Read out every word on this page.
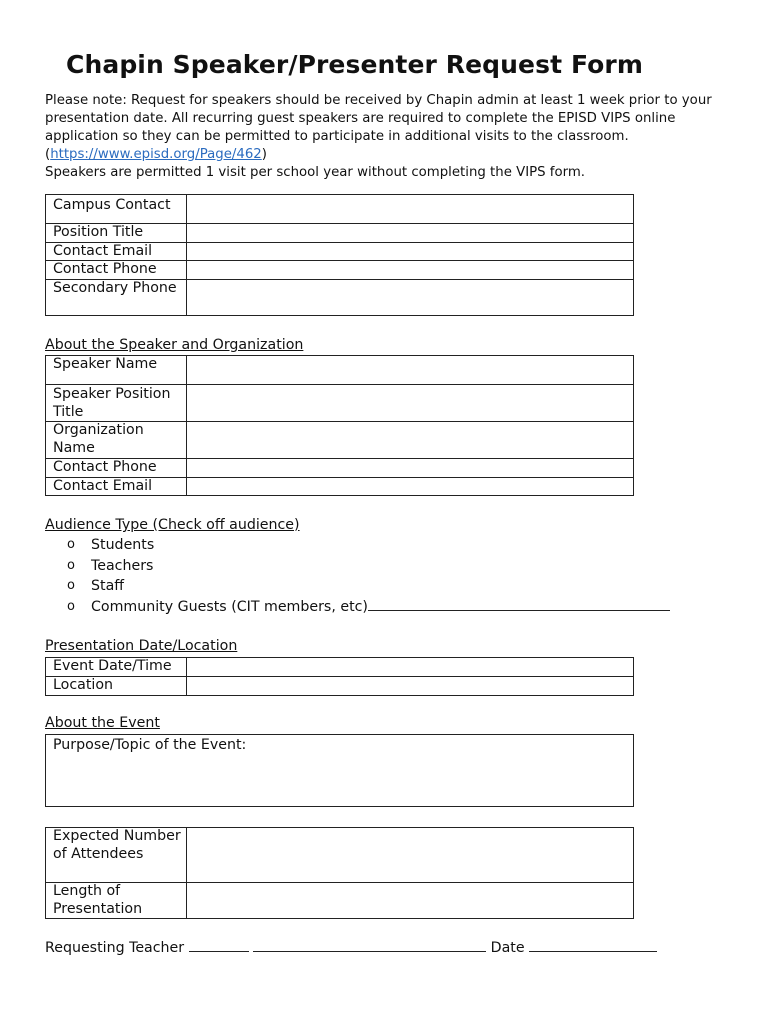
Chapin Speaker/Presenter Request Form

Please note: Request for speakers should be received by Chapin admin at least 1 week prior to your presentation date. All recurring guest speakers are required to complete the EPISD VIPS online application so they can be permitted to participate in additional visits to the classroom. (https://www.episd.org/Page/462)

Speakers are permitted 1 visit per school year without completing the VIPS form.

Campus Contact	
Position Title	
Contact Email	
Contact Phone	
Secondary Phone	
About the Speaker and Organization
Speaker Name	
Speaker Position Title	
Organization Name	
Contact Phone	
Contact Email	
Audience Type (Check off audience)
o Students
o Teachers
o Staff
o Community Guests (CIT members, etc)
Presentation Date/Location
Event Date/Time	
Location	
About the Event
Purpose/Topic of the Event:
Expected Number of Attendees	
Length of Presentation	
Requesting Teacher	Date
